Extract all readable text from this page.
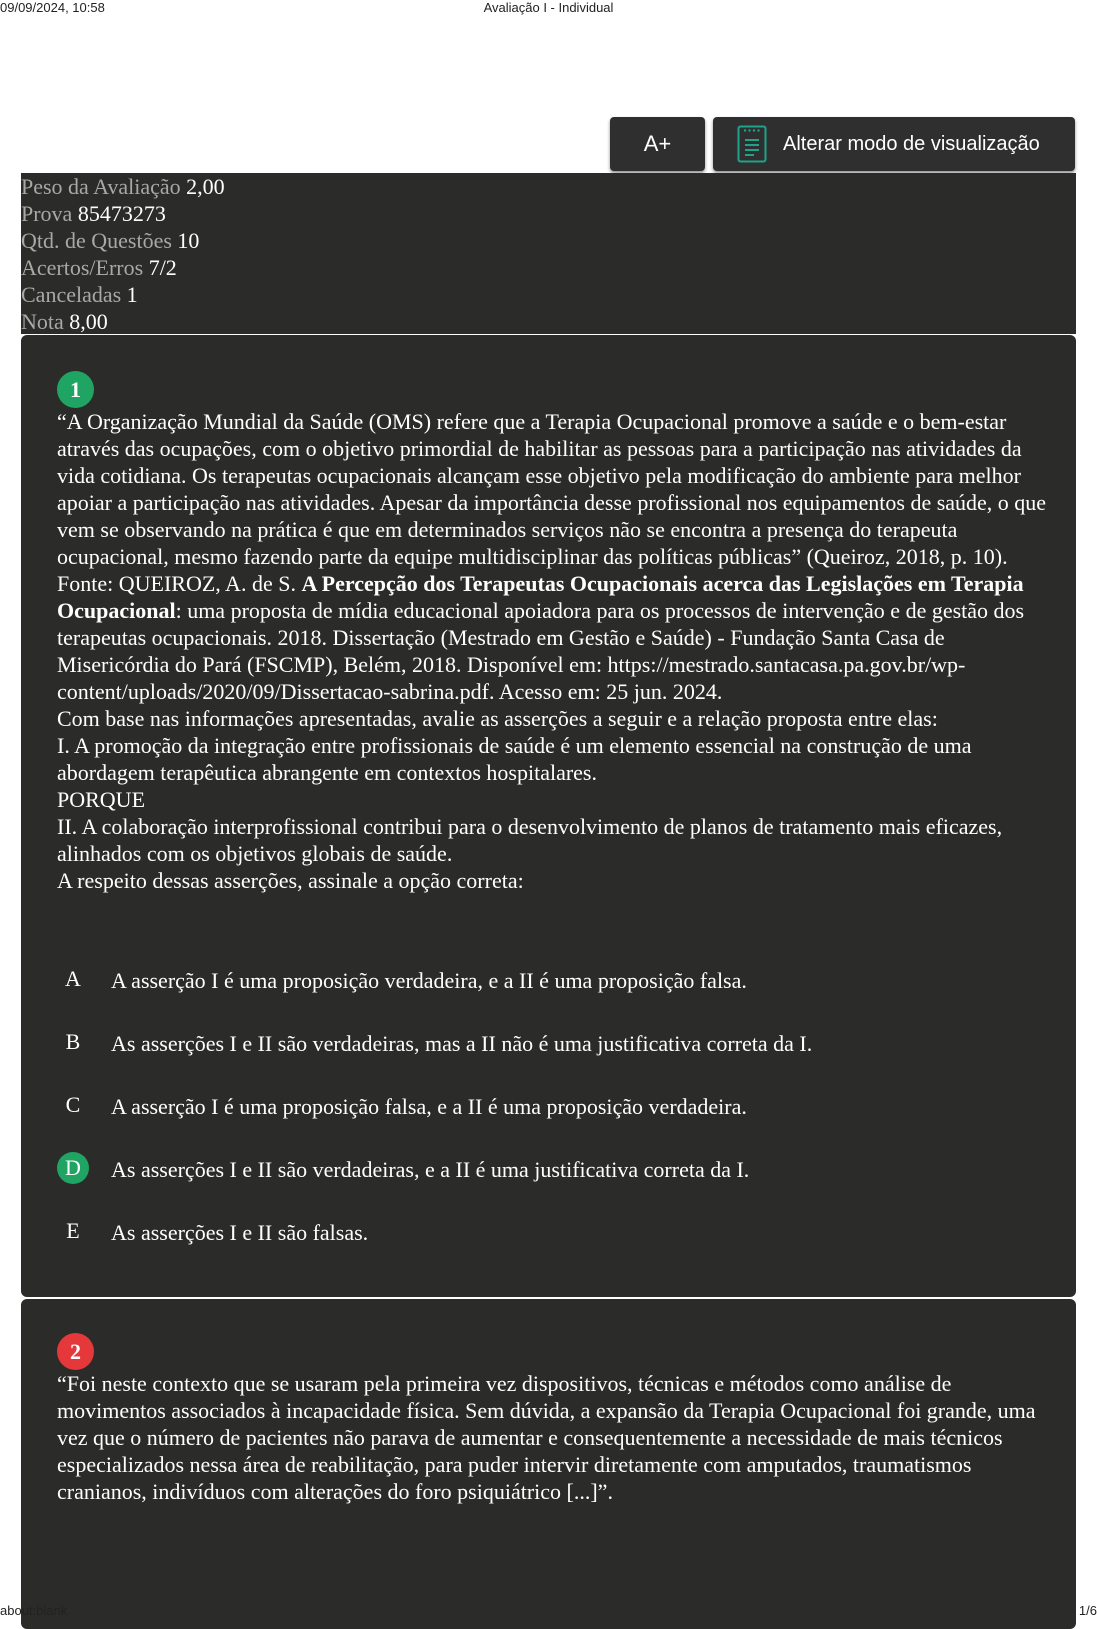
09/09/2024, 10:58	Avaliação I - Individual
A+	Alterar modo de visualização
Peso da Avaliação 2,00
Prova 85473273
Qtd. de Questões 10
Acertos/Erros 7/2
Canceladas 1
Nota 8,00
1

“A Organização Mundial da Saúde (OMS) refere que a Terapia Ocupacional promove a saúde e o bem-estar através das ocupações, com o objetivo primordial de habilitar as pessoas para a participação nas atividades da vida cotidiana. Os terapeutas ocupacionais alcançam esse objetivo pela modificação do ambiente para melhor apoiar a participação nas atividades. Apesar da importância desse profissional nos equipamentos de saúde, o que vem se observando na prática é que em determinados serviços não se encontra a presença do terapeuta ocupacional, mesmo fazendo parte da equipe multidisciplinar das políticas públicas” (Queiroz, 2018, p. 10).

Fonte: QUEIROZ, A. de S. A Percepção dos Terapeutas Ocupacionais acerca das Legislações em Terapia Ocupacional: uma proposta de mídia educacional apoiadora para os processos de intervenção e de gestão dos terapeutas ocupacionais. 2018. Dissertação (Mestrado em Gestão e Saúde) - Fundação Santa Casa de Misericórdia do Pará (FSCMP), Belém, 2018. Disponível em: https://mestrado.santacasa.pa.gov.br/wp-content/uploads/2020/09/Dissertacao-sabrina.pdf. Acesso em: 25 jun. 2024.

Com base nas informações apresentadas, avalie as asserções a seguir e a relação proposta entre elas:

I. A promoção da integração entre profissionais de saúde é um elemento essencial na construção de uma abordagem terapêutica abrangente em contextos hospitalares.

PORQUE

II. A colaboração interprofissional contribui para o desenvolvimento de planos de tratamento mais eficazes, alinhados com os objetivos globais de saúde.

A respeito dessas asserções, assinale a opção correta:

A	A asserção I é uma proposição verdadeira, e a II é uma proposição falsa.
B	As asserções I e II são verdadeiras, mas a II não é uma justificativa correta da I.
C	A asserção I é uma proposição falsa, e a II é uma proposição verdadeira.
D	As asserções I e II são verdadeiras, e a II é uma justificativa correta da I.
E	As asserções I e II são falsas.
2

“Foi neste contexto que se usaram pela primeira vez dispositivos, técnicas e métodos como análise de movimentos associados à incapacidade física. Sem dúvida, a expansão da Terapia Ocupacional foi grande, uma vez que o número de pacientes não parava de aumentar e consequentemente a necessidade de mais técnicos especializados nessa área de reabilitação, para puder intervir diretamente com amputados, traumatismos cranianos, indivíduos com alterações do foro psiquiátrico [...]”.

about:blank	1/6
